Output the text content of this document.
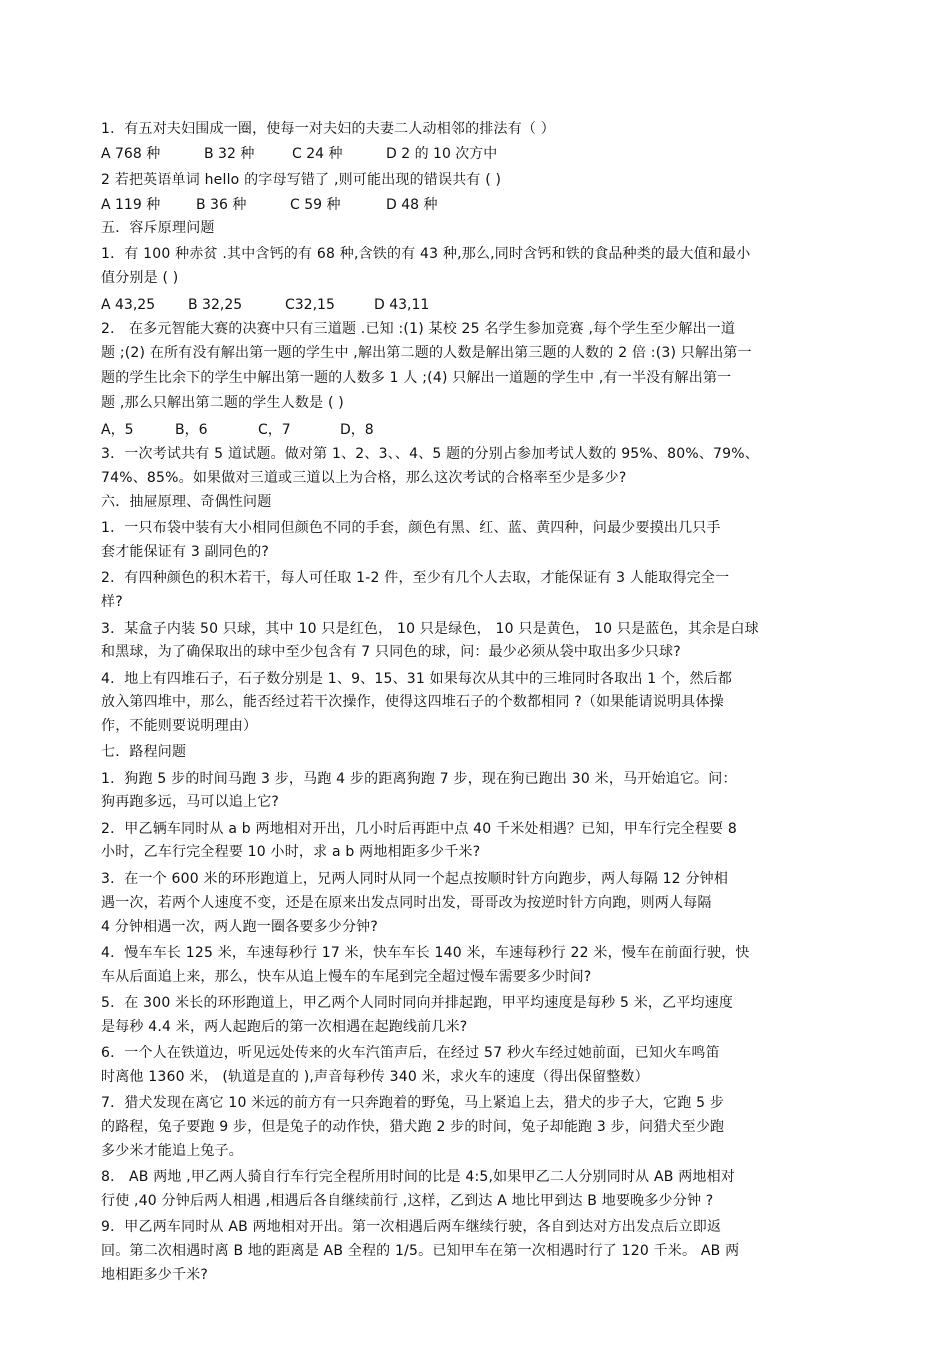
1．有五对夫妇围成一圈，使每一对夫妇的夫妻二人动相邻的排法有（ ）
A 768 种	B 32 种	C 24 种	D 2 的 10 次方中
2 若把英语单词 hello 的字母写错了 ,则可能出现的错误共有 ( )
A 119 种	B 36 种	C 59 种	D 48 种
五．容斥原理问题
1．有 100 种赤贫 .其中含钙的有 68 种,含铁的有 43 种,那么,同时含钙和铁的食品种类的最大值和最小
值分别是 ( )
A 43,25 B 32,25	C32,15	D 43,11
2． 在多元智能大赛的决赛中只有三道题 .已知 :(1) 某校 25 名学生参加竞赛 ,每个学生至少解出一道
题 ;(2) 在所有没有解出第一题的学生中 ,解出第二题的人数是解出第三题的人数的 2 倍 :(3) 只解出第一
题的学生比余下的学生中解出第一题的人数多 1 人 ;(4) 只解出一道题的学生中 ,有一半没有解出第一
题 ,那么只解出第二题的学生人数是 ( )
A，5	B，6	C，7	D，8
3．一次考试共有 5 道试题。做对第 1、2、3、、4、5 题的分别占参加考试人数的 95%、80%、79%、
74%、85%。如果做对三道或三道以上为合格，那么这次考试的合格率至少是多少?
六．抽屉原理、奇偶性问题
1．一只布袋中装有大小相同但颜色不同的手套，颜色有黑、红、蓝、黄四种，问最少要摸出几只手
套才能保证有 3 副同色的?
2．有四种颜色的积木若干，每人可任取 1-2 件，至少有几个人去取，才能保证有 3 人能取得完全一
样?
3．某盒子内装 50 只球，其中 10 只是红色， 10 只是绿色， 10 只是黄色， 10 只是蓝色，其余是白球
和黑球，为了确保取出的球中至少包含有 7 只同色的球，问：最少必须从袋中取出多少只球?
4．地上有四堆石子，石子数分别是 1、9、15、31 如果每次从其中的三堆同时各取出 1 个，然后都
放入第四堆中，那么，能否经过若干次操作，使得这四堆石子的个数都相同 ?（如果能请说明具体操
作，不能则要说明理由）
七．路程问题
1．狗跑 5 步的时间马跑 3 步，马跑 4 步的距离狗跑 7 步，现在狗已跑出 30 米，马开始追它。问：
狗再跑多远，马可以追上它?
2．甲乙辆车同时从 a b 两地相对开出，几小时后再距中点 40 千米处相遇？已知，甲车行完全程要 8
小时，乙车行完全程要 10 小时，求 a b 两地相距多少千米?
3．在一个 600 米的环形跑道上，兄两人同时从同一个起点按顺时针方向跑步，两人每隔 12 分钟相
遇一次，若两个人速度不变，还是在原来出发点同时出发，哥哥改为按逆时针方向跑，则两人每隔
4 分钟相遇一次，两人跑一圈各要多少分钟?
4．慢车车长 125 米，车速每秒行 17 米，快车车长 140 米，车速每秒行 22 米，慢车在前面行驶，快
车从后面追上来，那么，快车从追上慢车的车尾到完全超过慢车需要多少时间?
5．在 300 米长的环形跑道上，甲乙两个人同时同向并排起跑，甲平均速度是每秒 5 米，乙平均速度
是每秒 4.4 米，两人起跑后的第一次相遇在起跑线前几米?
6．一个人在铁道边，听见远处传来的火车汽笛声后，在经过 57 秒火车经过她前面，已知火车鸣笛
时离他 1360 米， (轨道是直的 ),声音每秒传 340 米，求火车的速度（得出保留整数）
7．猎犬发现在离它 10 米远的前方有一只奔跑着的野兔，马上紧追上去，猎犬的步子大，它跑 5 步
的路程，兔子要跑 9 步，但是兔子的动作快，猎犬跑 2 步的时间，兔子却能跑 3 步，问猎犬至少跑
多少米才能追上兔子。
8． AB 两地 ,甲乙两人骑自行车行完全程所用时间的比是 4:5,如果甲乙二人分别同时从 AB 两地相对
行使 ,40 分钟后两人相遇 ,相遇后各自继续前行 ,这样，乙到达 A 地比甲到达 B 地要晚多少分钟 ?
9．甲乙两车同时从 AB 两地相对开出。第一次相遇后两车继续行驶，各自到达对方出发点后立即返
回。第二次相遇时离 B 地的距离是 AB 全程的 1/5。已知甲车在第一次相遇时行了 120 千米。 AB 两
地相距多少千米?
